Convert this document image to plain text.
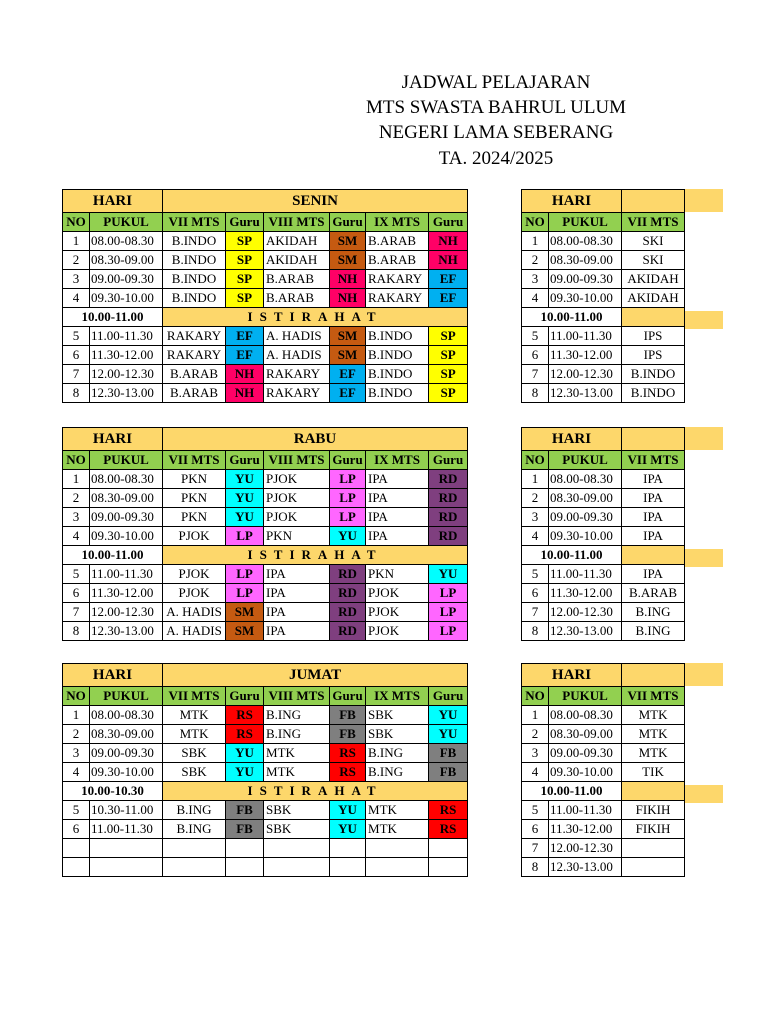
JADWAL PELAJARAN
MTS SWASTA BAHRUL ULUM
NEGERI LAMA SEBERANG
TA. 2024/2025
HARI		SENIN					
NO	PUKUL	VII MTS	Guru	VIII MTS	Guru	IX MTS	Guru
1	08.00-08.30	B.INDO	SP	AKIDAH	SM	B.ARAB	NH
2	08.30-09.00	B.INDO	SP	AKIDAH	SM	B.ARAB	NH
3	09.00-09.30	B.INDO	SP	B.ARAB	NH	RAKARY	EF
4	09.30-10.00	B.INDO	SP	B.ARAB	NH	RAKARY	EF
10.00-11.00		ISTIRAHAT					
5	11.00-11.30	RAKARY	EF	A. HADIS	SM	B.INDO	SP
6	11.30-12.00	RAKARY	EF	A. HADIS	SM	B.INDO	SP
7	12.00-12.30	B.ARAB	NH	RAKARY	EF	B.INDO	SP
8	12.30-13.00	B.ARAB	NH	RAKARY	EF	B.INDO	SP
HARI		RABU					
NO	PUKUL	VII MTS	Guru	VIII MTS	Guru	IX MTS	Guru
1	08.00-08.30	PKN	YU	PJOK	LP	IPA	RD
2	08.30-09.00	PKN	YU	PJOK	LP	IPA	RD
3	09.00-09.30	PKN	YU	PJOK	LP	IPA	RD
4	09.30-10.00	PJOK	LP	PKN	YU	IPA	RD
10.00-11.00		ISTIRAHAT					
5	11.00-11.30	PJOK	LP	IPA	RD	PKN	YU
6	11.30-12.00	PJOK	LP	IPA	RD	PJOK	LP
7	12.00-12.30	A. HADIS	SM	IPA	RD	PJOK	LP
8	12.30-13.00	A. HADIS	SM	IPA	RD	PJOK	LP
HARI		JUMAT					
NO	PUKUL	VII MTS	Guru	VIII MTS	Guru	IX MTS	Guru
1	08.00-08.30	MTK	RS	B.ING	FB	SBK	YU
2	08.30-09.00	MTK	RS	B.ING	FB	SBK	YU
3	09.00-09.30	SBK	YU	MTK	RS	B.ING	FB
4	09.30-10.00	SBK	YU	MTK	RS	B.ING	FB
10.00-10.30		ISTIRAHAT					
5	10.30-11.00	B.ING	FB	SBK	YU	MTK	RS
6	11.00-11.30	B.ING	FB	SBK	YU	MTK	RS

HARI		
NO	PUKUL	VII MTS
1	08.00-08.30	SKI
2	08.30-09.00	SKI
3	09.00-09.30	AKIDAH
4	09.30-10.00	AKIDAH
10.00-11.00		
5	11.00-11.30	IPS
6	11.30-12.00	IPS
7	12.00-12.30	B.INDO
8	12.30-13.00	B.INDO
HARI		
NO	PUKUL	VII MTS
1	08.00-08.30	IPA
2	08.30-09.00	IPA
3	09.00-09.30	IPA
4	09.30-10.00	IPA
10.00-11.00		
5	11.00-11.30	IPA
6	11.30-12.00	B.ARAB
7	12.00-12.30	B.ING
8	12.30-13.00	B.ING
HARI		
NO	PUKUL	VII MTS
1	08.00-08.30	MTK
2	08.30-09.00	MTK
3	09.00-09.30	MTK
4	09.30-10.00	TIK
10.00-11.00		
5	11.00-11.30	FIKIH
6	11.30-12.00	FIKIH
7	12.00-12.30	
8	12.30-13.00	
